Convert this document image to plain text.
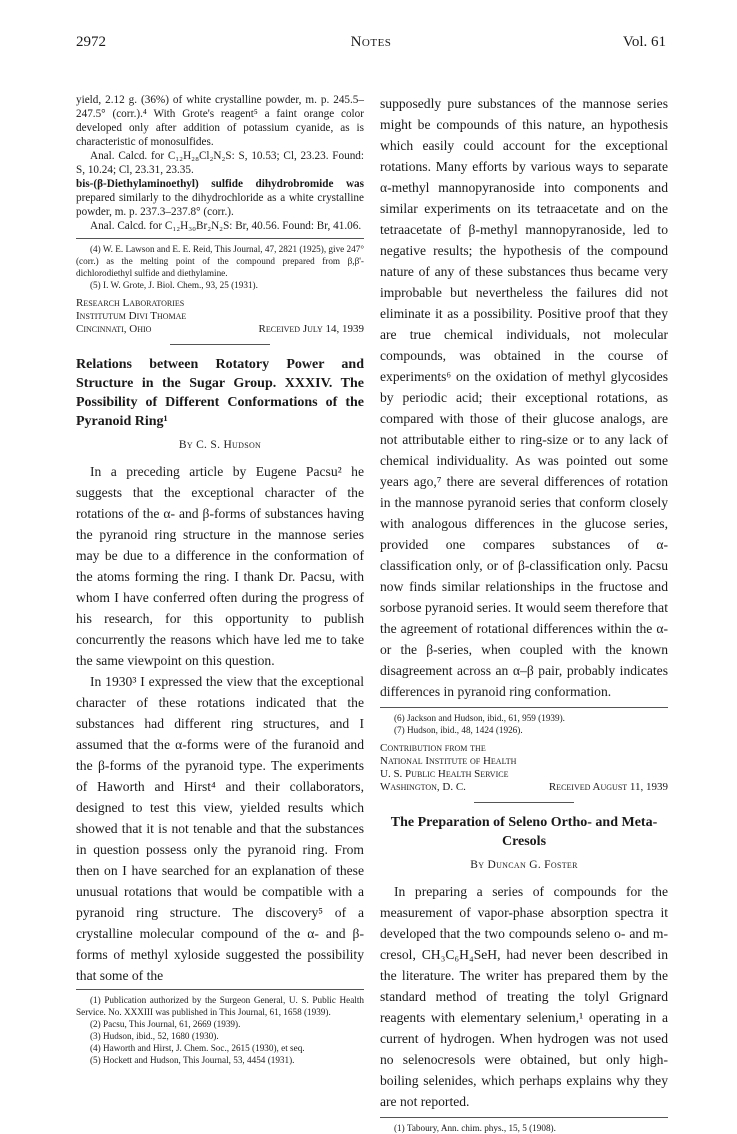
2972	Notes	Vol. 61

yield, 2.12 g. (36%) of white crystalline powder, m. p. 245.5–247.5° (corr.).⁴ With Grote's reagent⁵ a faint orange color developed only after addition of potassium cyanide, as is characteristic of monosulfides.

Anal. Calcd. for C₁₂H₂₈Cl₂N₂S: S, 10.53; Cl, 23.23. Found: S, 10.24; Cl, 23.31, 23.35.

bis-(β-Diethylaminoethyl) sulfide dihydrobromide was prepared similarly to the dihydrochloride as a white crystalline powder, m. p. 237.3–237.8° (corr.).

Anal. Calcd. for C₁₂H₃₀Br₂N₂S: Br, 40.56. Found: Br, 41.06.

(4) W. E. Lawson and E. E. Reid, This Journal, 47, 2821 (1925), give 247° (corr.) as the melting point of the compound prepared from β,β'-dichlorodiethyl sulfide and diethylamine.

(5) I. W. Grote, J. Biol. Chem., 93, 25 (1931).

Research Laboratories

Institutum Divi Thomae

Cincinnati, Ohio	Received July 14, 1939

Relations between Rotatory Power and Structure in the Sugar Group. XXXIV. The Possibility of Different Conformations of the Pyranoid Ring¹

By C. S. Hudson

In a preceding article by Eugene Pacsu² he suggests that the exceptional character of the rotations of the α- and β-forms of substances having the pyranoid ring structure in the mannose series may be due to a difference in the conformation of the atoms forming the ring. I thank Dr. Pacsu, with whom I have conferred often during the progress of his research, for this opportunity to publish concurrently the reasons which have led me to take the same viewpoint on this question.

In 1930³ I expressed the view that the exceptional character of these rotations indicated that the substances had different ring structures, and I assumed that the α-forms were of the furanoid and the β-forms of the pyranoid type. The experiments of Haworth and Hirst⁴ and their collaborators, designed to test this view, yielded results which showed that it is not tenable and that the substances in question possess only the pyranoid ring. From then on I have searched for an explanation of these unusual rotations that would be compatible with a pyranoid ring structure. The discovery⁵ of a crystalline molecular compound of the α- and β-forms of methyl xyloside suggested the possibility that some of the

(1) Publication authorized by the Surgeon General, U. S. Public Health Service. No. XXXIII was published in This Journal, 61, 1658 (1939).

(2) Pacsu, This Journal, 61, 2669 (1939).

(3) Hudson, ibid., 52, 1680 (1930).

(4) Haworth and Hirst, J. Chem. Soc., 2615 (1930), et seq.

(5) Hockett and Hudson, This Journal, 53, 4454 (1931).

supposedly pure substances of the mannose series might be compounds of this nature, an hypothesis which easily could account for the exceptional rotations. Many efforts by various ways to separate α-methyl mannopyranoside into components and similar experiments on its tetraacetate and on the tetraacetate of β-methyl mannopyranoside, led to negative results; the hypothesis of the compound nature of any of these substances thus became very improbable but nevertheless the failures did not eliminate it as a possibility. Positive proof that they are true chemical individuals, not molecular compounds, was obtained in the course of experiments⁶ on the oxidation of methyl glycosides by periodic acid; their exceptional rotations, as compared with those of their glucose analogs, are not attributable either to ring-size or to any lack of chemical individuality. As was pointed out some years ago,⁷ there are several differences of rotation in the mannose pyranoid series that conform closely with analogous differences in the glucose series, provided one compares substances of α-classification only, or of β-classification only. Pacsu now finds similar relationships in the fructose and sorbose pyranoid series. It would seem therefore that the agreement of rotational differences within the α- or the β-series, when coupled with the known disagreement across an α–β pair, probably indicates differences in pyranoid ring conformation.

(6) Jackson and Hudson, ibid., 61, 959 (1939).

(7) Hudson, ibid., 48, 1424 (1926).

Contribution from the

National Institute of Health

U. S. Public Health Service

Washington, D. C.	Received August 11, 1939

The Preparation of Seleno Ortho- and Meta-Cresols

By Duncan G. Foster

In preparing a series of compounds for the measurement of vapor-phase absorption spectra it developed that the two compounds seleno o- and m-cresol, CH₃C₆H₄SeH, had never been described in the literature. The writer has prepared them by the standard method of treating the tolyl Grignard reagents with elementary selenium,¹ operating in a current of hydrogen. When hydrogen was not used no selenocresols were obtained, but only high-boiling selenides, which perhaps explains why they are not reported.

(1) Taboury, Ann. chim. phys., 15, 5 (1908).
